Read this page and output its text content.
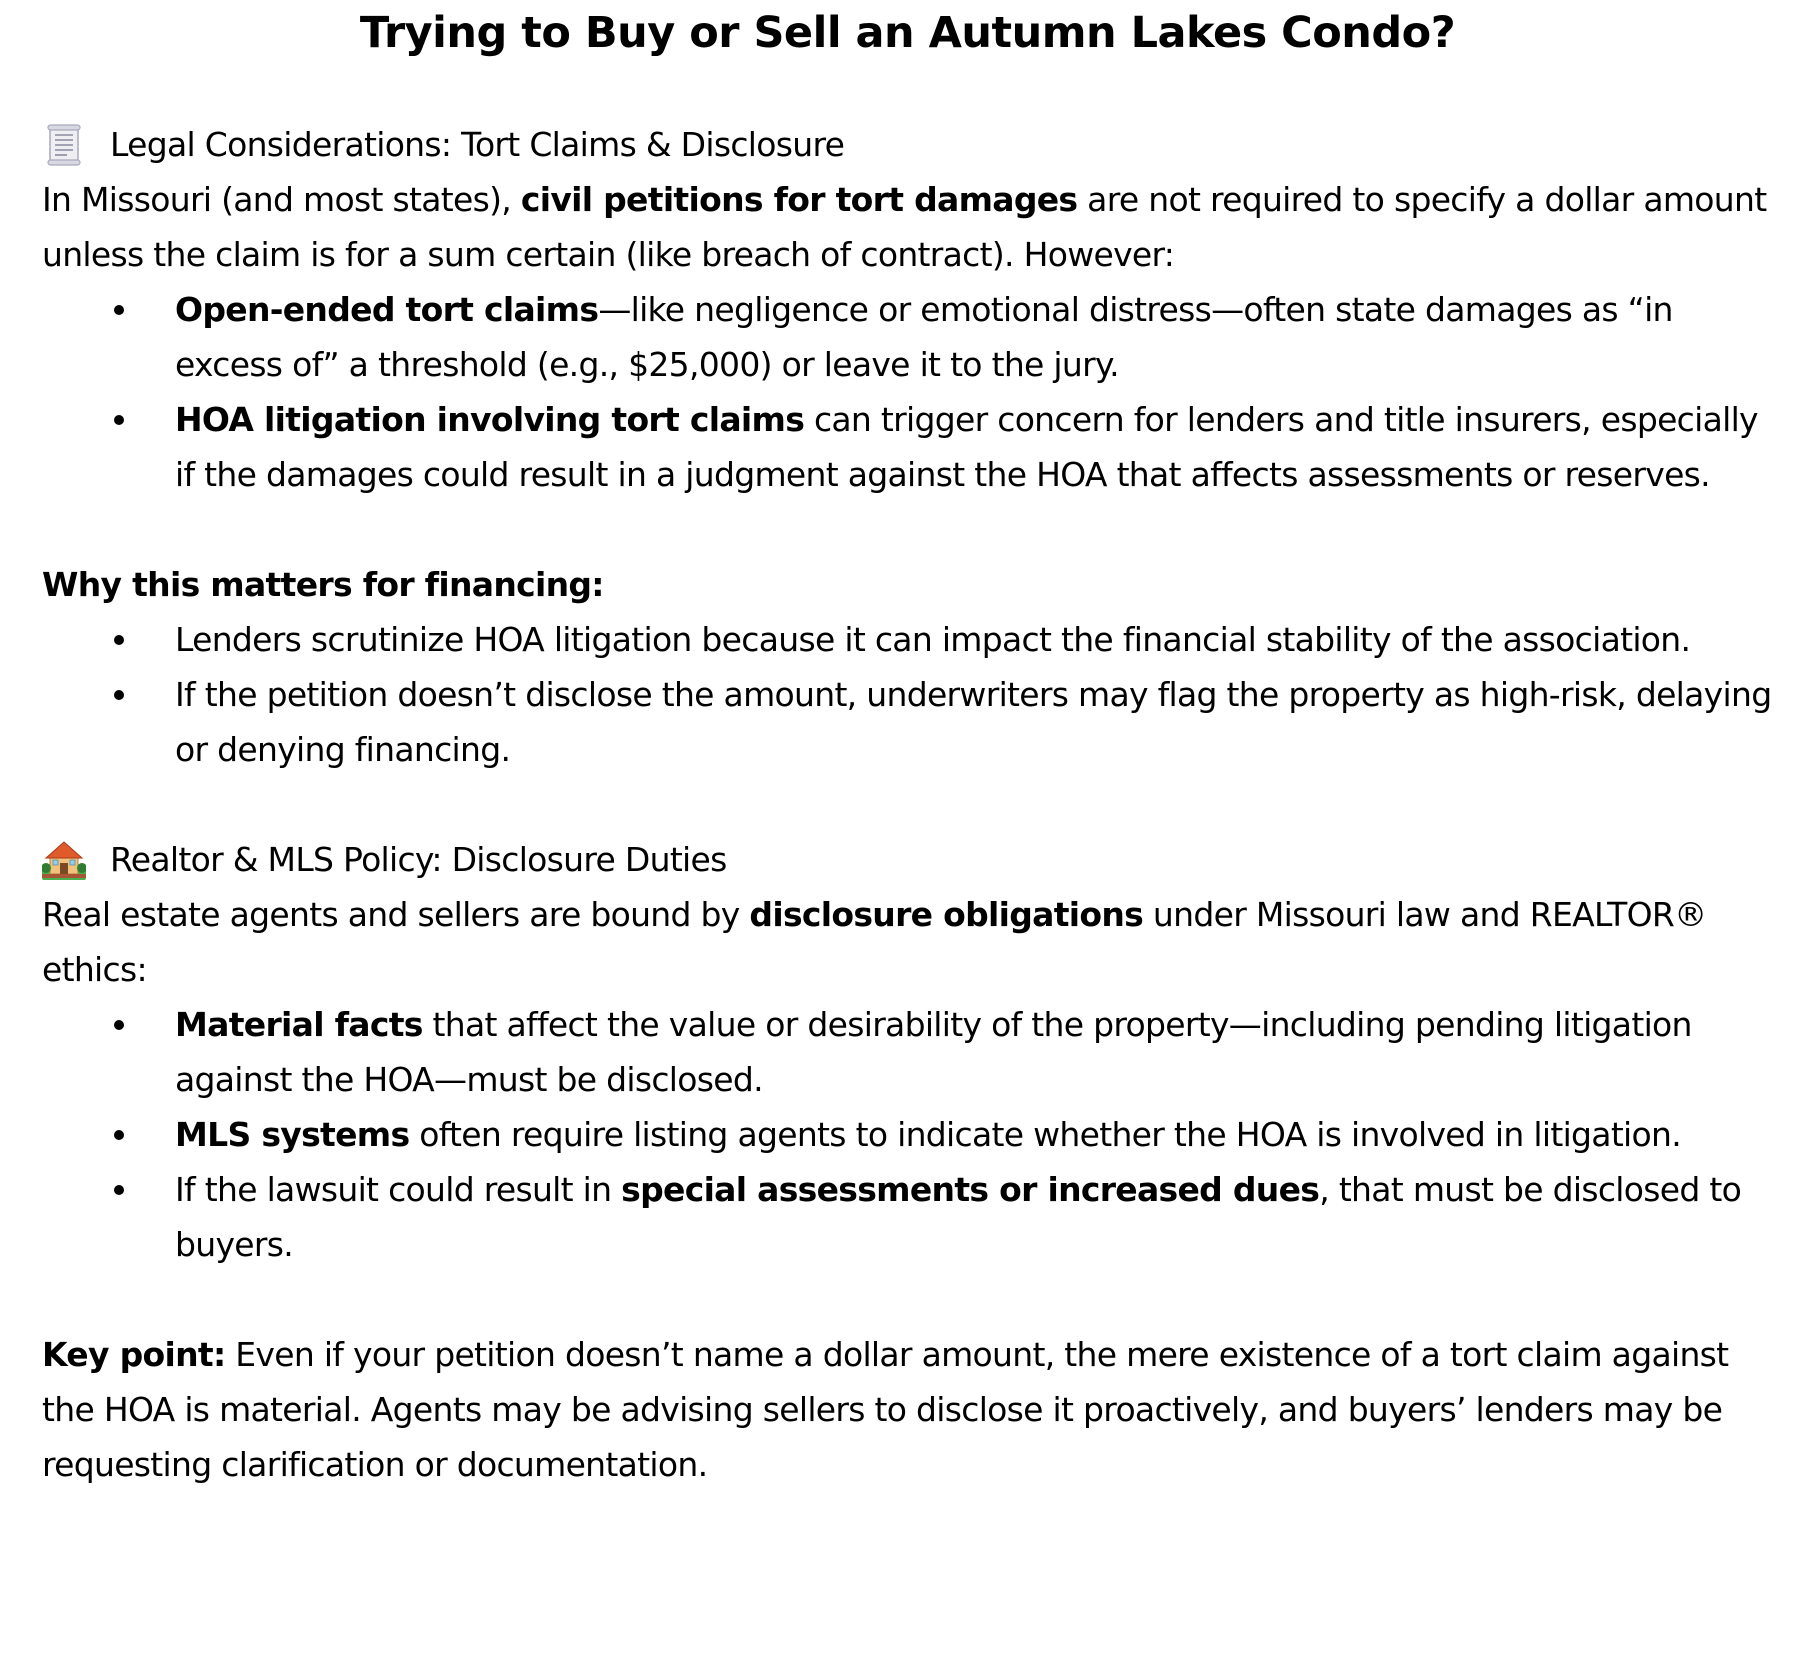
Trying to Buy or Sell an Autumn Lakes Condo?
Legal Considerations: Tort Claims & Disclosure

In Missouri (and most states), civil petitions for tort damages are not required to specify a dollar amount unless the claim is for a sum certain (like breach of contract). However:

Open-ended tort claims—like negligence or emotional distress—often state damages as “in excess of” a threshold (e.g., $25,000) or leave it to the jury.
HOA litigation involving tort claims can trigger concern for lenders and title insurers, especially if the damages could result in a judgment against the HOA that affects assessments or reserves.

Why this matters for financing:

Lenders scrutinize HOA litigation because it can impact the financial stability of the association.
If the petition doesn’t disclose the amount, underwriters may flag the property as high-risk, delaying or denying financing.
Realtor & MLS Policy: Disclosure Duties

Real estate agents and sellers are bound by disclosure obligations under Missouri law and REALTOR® ethics:

Material facts that affect the value or desirability of the property—including pending litigation against the HOA—must be disclosed.
MLS systems often require listing agents to indicate whether the HOA is involved in litigation.
If the lawsuit could result in special assessments or increased dues, that must be disclosed to buyers.

Key point: Even if your petition doesn’t name a dollar amount, the mere existence of a tort claim against the HOA is material. Agents may be advising sellers to disclose it proactively, and buyers’ lenders may be requesting clarification or documentation.
